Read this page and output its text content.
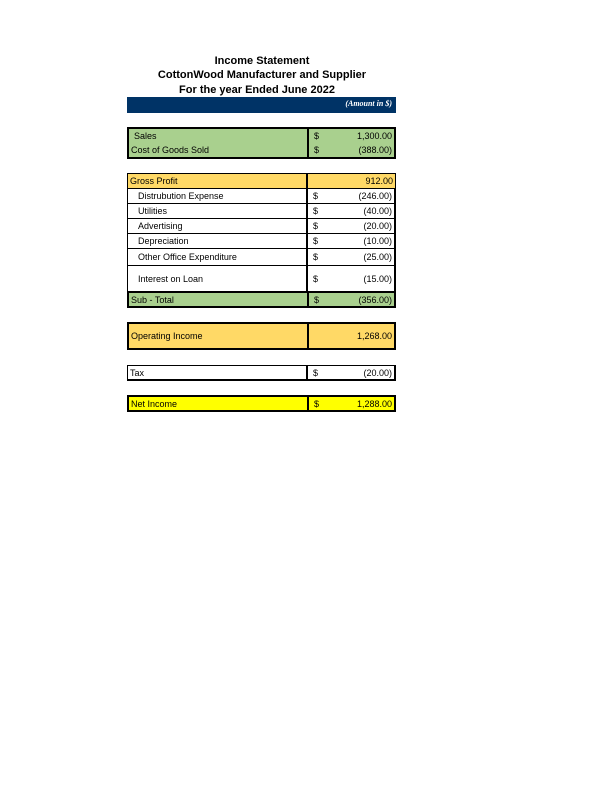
Income Statement
CottonWood Manufacturer and Supplier
For the year Ended June 2022
(Amount in $)
Sales	$	1,300.00
Cost of Goods Sold	$	(388.00)
Gross Profit	912.00
Distrubution Expense	$	(246.00)
Utilities	$	(40.00)
Advertising	$	(20.00)
Depreciation	$	(10.00)
Other Office Expenditure	$	(25.00)
Interest on Loan	$	(15.00)
Sub - Total	$	(356.00)
Operating Income	1,268.00
Tax	$	(20.00)
Net Income	$	1,288.00
